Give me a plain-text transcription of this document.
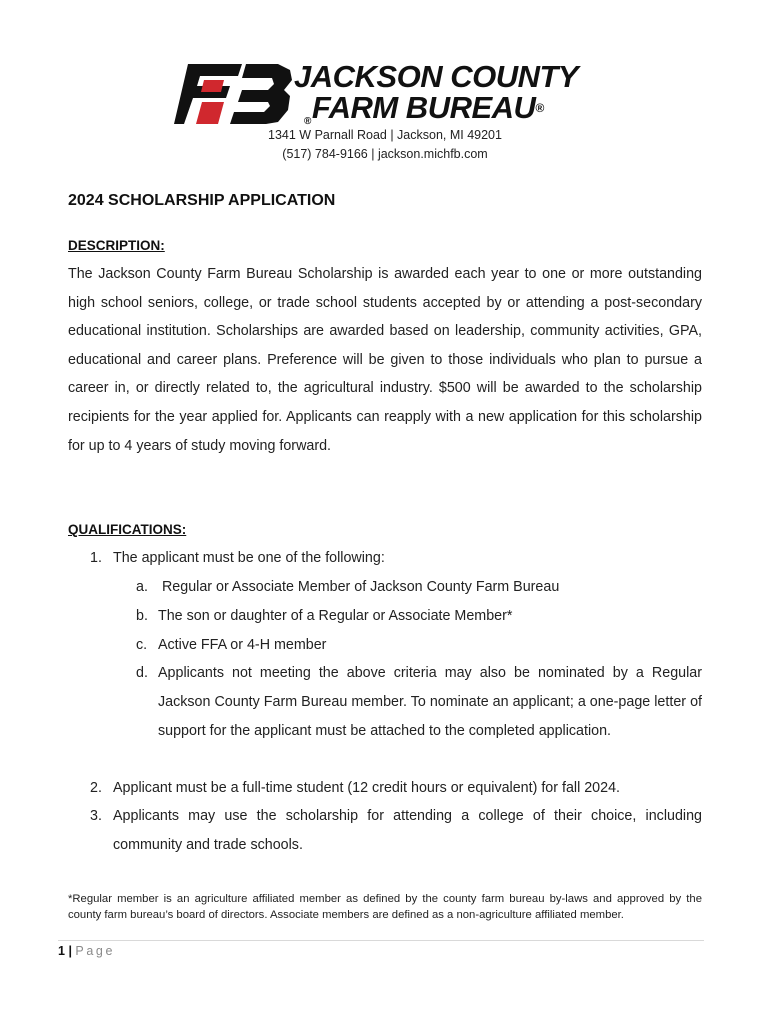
JACKSON COUNTY
®FARM BUREAU®
1341 W Parnall Road | Jackson, MI 49201
(517) 784-9166 | jackson.michfb.com
2024 SCHOLARSHIP APPLICATION
DESCRIPTION:
The Jackson County Farm Bureau Scholarship is awarded each year to one or more outstanding high school seniors, college, or trade school students accepted by or attending a post-secondary educational institution. Scholarships are awarded based on leadership, community activities, GPA, educational and career plans. Preference will be given to those individuals who plan to pursue a career in, or directly related to, the agricultural industry. $500 will be awarded to the scholarship recipients for the year applied for. Applicants can reapply with a new application for this scholarship for up to 4 years of study moving forward.
QUALIFICATIONS:
1. The applicant must be one of the following:
a. Regular or Associate Member of Jackson County Farm Bureau
b. The son or daughter of a Regular or Associate Member*
c. Active FFA or 4-H member
d. Applicants not meeting the above criteria may also be nominated by a Regular Jackson County Farm Bureau member. To nominate an applicant; a one-page letter of support for the applicant must be attached to the completed application.
2. Applicant must be a full-time student (12 credit hours or equivalent) for fall 2024.
3. Applicants may use the scholarship for attending a college of their choice, including community and trade schools.
*Regular member is an agriculture affiliated member as defined by the county farm bureau by-laws and approved by the county farm bureau’s board of directors. Associate members are defined as a non-agriculture affiliated member.
1 | Page
